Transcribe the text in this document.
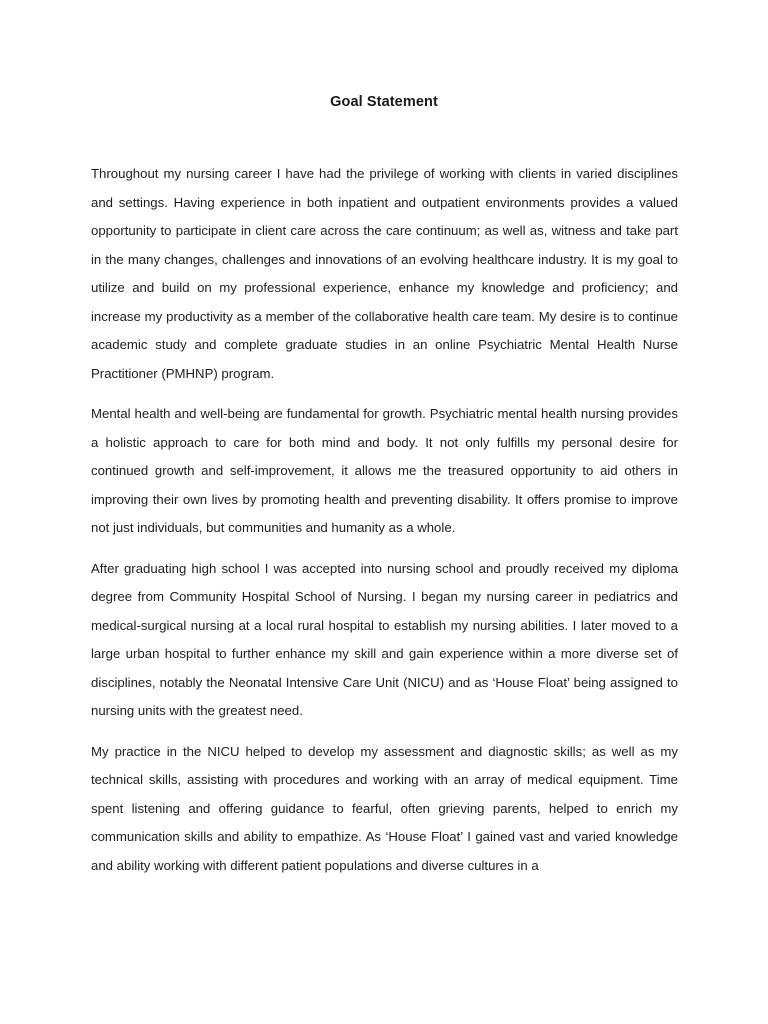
Goal Statement

Throughout my nursing career I have had the privilege of working with clients in varied disciplines and settings. Having experience in both inpatient and outpatient environments provides a valued opportunity to participate in client care across the care continuum; as well as, witness and take part in the many changes, challenges and innovations of an evolving healthcare industry. It is my goal to utilize and build on my professional experience, enhance my knowledge and proficiency; and increase my productivity as a member of the collaborative health care team. My desire is to continue academic study and complete graduate studies in an online Psychiatric Mental Health Nurse Practitioner (PMHNP) program.

Mental health and well-being are fundamental for growth. Psychiatric mental health nursing provides a holistic approach to care for both mind and body. It not only fulfills my personal desire for continued growth and self-improvement, it allows me the treasured opportunity to aid others in improving their own lives by promoting health and preventing disability. It offers promise to improve not just individuals, but communities and humanity as a whole.

After graduating high school I was accepted into nursing school and proudly received my diploma degree from Community Hospital School of Nursing. I began my nursing career in pediatrics and medical-surgical nursing at a local rural hospital to establish my nursing abilities. I later moved to a large urban hospital to further enhance my skill and gain experience within a more diverse set of disciplines, notably the Neonatal Intensive Care Unit (NICU) and as ‘House Float’ being assigned to nursing units with the greatest need.

My practice in the NICU helped to develop my assessment and diagnostic skills; as well as my technical skills, assisting with procedures and working with an array of medical equipment. Time spent listening and offering guidance to fearful, often grieving parents, helped to enrich my communication skills and ability to empathize. As ‘House Float’ I gained vast and varied knowledge and ability working with different patient populations and diverse cultures in a
